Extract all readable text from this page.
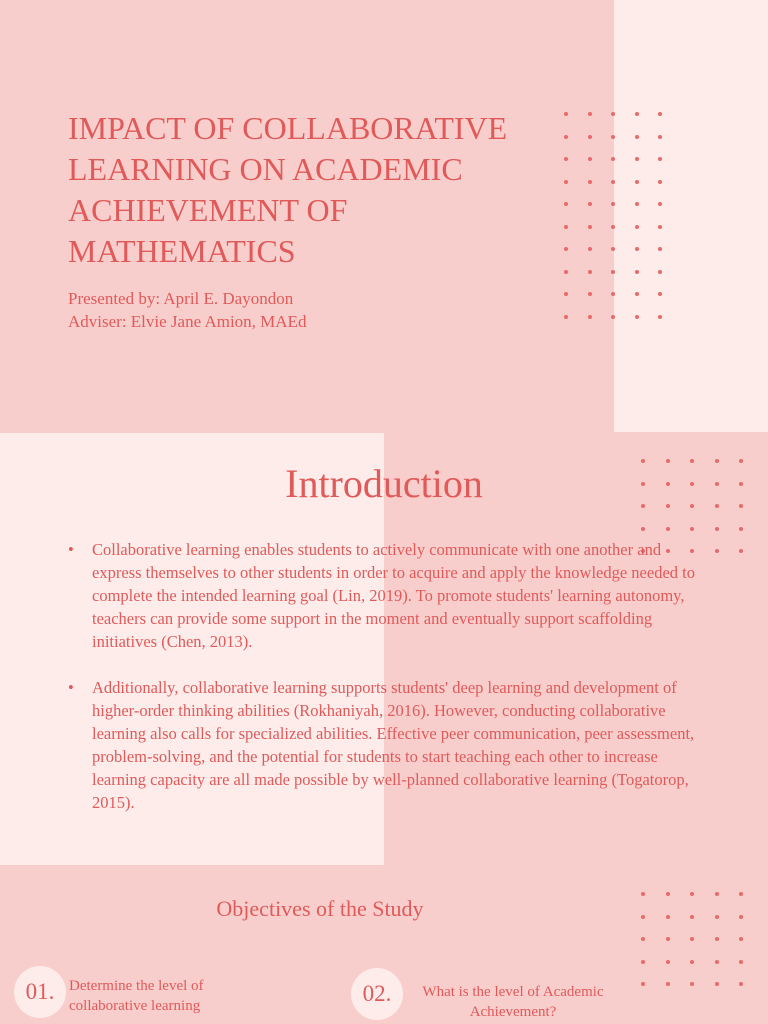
IMPACT OF COLLABORATIVE LEARNING ON ACADEMIC ACHIEVEMENT OF MATHEMATICS
Presented by: April E. Dayondon
Adviser: Elvie Jane Amion, MAEd
Introduction
• Collaborative learning enables students to actively communicate with one another and express themselves to other students in order to acquire and apply the knowledge needed to complete the intended learning goal (Lin, 2019). To promote students' learning autonomy, teachers can provide some support in the moment and eventually support scaffolding initiatives (Chen, 2013).
• Additionally, collaborative learning supports students' deep learning and development of higher-order thinking abilities (Rokhaniyah, 2016). However, conducting collaborative learning also calls for specialized abilities. Effective peer communication, peer assessment, problem-solving, and the potential for students to start teaching each other to increase learning capacity are all made possible by well-planned collaborative learning (Togatorop, 2015).
Objectives of the Study
01. Determine the level of collaborative learning	02.	What is the level of Academic Achievement?
